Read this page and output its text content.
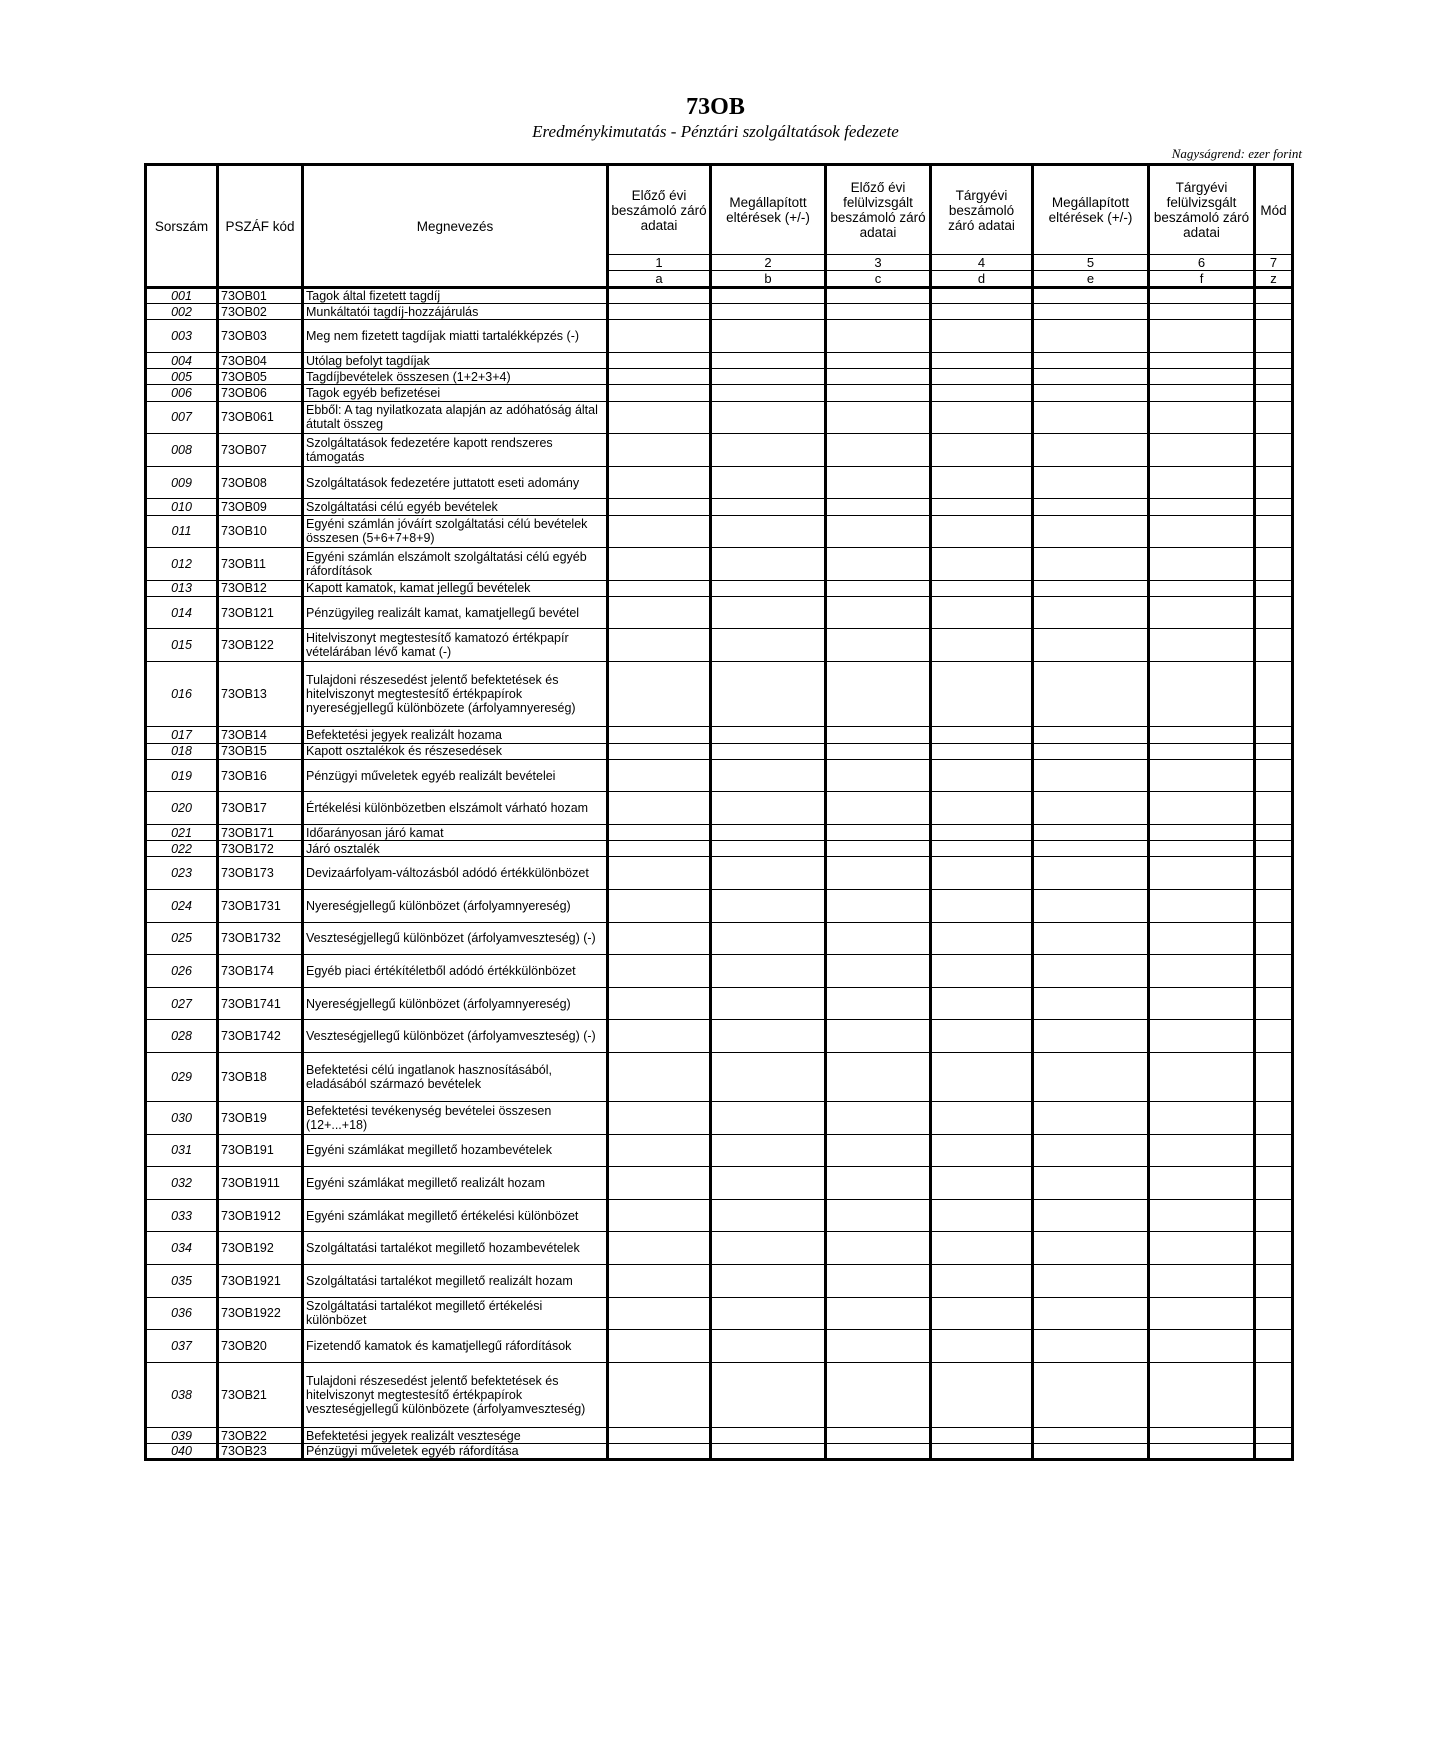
73OB
Eredménykimutatás - Pénztári szolgáltatások fedezete
Nagyságrend: ezer forint
Sorszám	PSZÁF kód	Megnevezés	Előző évi beszámoló záró adatai	Megállapított eltérések (+/-)	Előző évi felülvizsgált beszámoló záró adatai	Tárgyévi beszámoló záró adatai	Megállapított eltérések (+/-)	Tárgyévi felülvizsgált beszámoló záró adatai	Mód
			1	2	3	4	5	6	7
			a	b	c	d	e	f	z
001	73OB01	Tagok által fizetett tagdíj							
002	73OB02	Munkáltatói tagdíj-hozzájárulás							
003	73OB03	Meg nem fizetett tagdíjak miatti tartalékképzés (-)							
004	73OB04	Utólag befolyt tagdíjak							
005	73OB05	Tagdíjbevételek összesen (1+2+3+4)							
006	73OB06	Tagok egyéb befizetései							
007	73OB061	Ebből: A tag nyilatkozata alapján az adóhatóság által átutalt összeg							
008	73OB07	Szolgáltatások fedezetére kapott rendszeres támogatás							
009	73OB08	Szolgáltatások fedezetére juttatott eseti adomány							
010	73OB09	Szolgáltatási célú egyéb bevételek							
011	73OB10	Egyéni számlán jóváírt szolgáltatási célú bevételek összesen (5+6+7+8+9)							
012	73OB11	Egyéni számlán elszámolt szolgáltatási célú egyéb ráfordítások							
013	73OB12	Kapott kamatok, kamat jellegű bevételek							
014	73OB121	Pénzügyileg realizált kamat, kamatjellegű bevétel							
015	73OB122	Hitelviszonyt megtestesítő kamatozó értékpapír vételárában lévő kamat (-)							
016	73OB13	Tulajdoni részesedést jelentő befektetések és hitelviszonyt megtestesítő értékpapírok nyereségjellegű különbözete (árfolyamnyereség)							
017	73OB14	Befektetési jegyek realizált hozama							
018	73OB15	Kapott osztalékok és részesedések							
019	73OB16	Pénzügyi műveletek egyéb realizált bevételei							
020	73OB17	Értékelési különbözetben elszámolt várható hozam							
021	73OB171	Időarányosan járó kamat							
022	73OB172	Járó osztalék							
023	73OB173	Devizaárfolyam-változásból adódó értékkülönbözet							
024	73OB1731	Nyereségjellegű különbözet (árfolyamnyereség)							
025	73OB1732	Veszteségjellegű különbözet (árfolyamveszteség) (-)							
026	73OB174	Egyéb piaci értékítéletből adódó értékkülönbözet							
027	73OB1741	Nyereségjellegű különbözet (árfolyamnyereség)							
028	73OB1742	Veszteségjellegű különbözet (árfolyamveszteség) (-)							
029	73OB18	Befektetési célú ingatlanok hasznosításából, eladásából származó bevételek							
030	73OB19	Befektetési tevékenység bevételei összesen (12+...+18)							
031	73OB191	Egyéni számlákat megillető hozambevételek							
032	73OB1911	Egyéni számlákat megillető realizált hozam							
033	73OB1912	Egyéni számlákat megillető értékelési különbözet							
034	73OB192	Szolgáltatási tartalékot megillető hozambevételek							
035	73OB1921	Szolgáltatási tartalékot megillető realizált hozam							
036	73OB1922	Szolgáltatási tartalékot megillető értékelési különbözet							
037	73OB20	Fizetendő kamatok és kamatjellegű ráfordítások							
038	73OB21	Tulajdoni részesedést jelentő befektetések és hitelviszonyt megtestesítő értékpapírok veszteségjellegű különbözete (árfolyamveszteség)							
039	73OB22	Befektetési jegyek realizált vesztesége							
040	73OB23	Pénzügyi műveletek egyéb ráfordítása							
